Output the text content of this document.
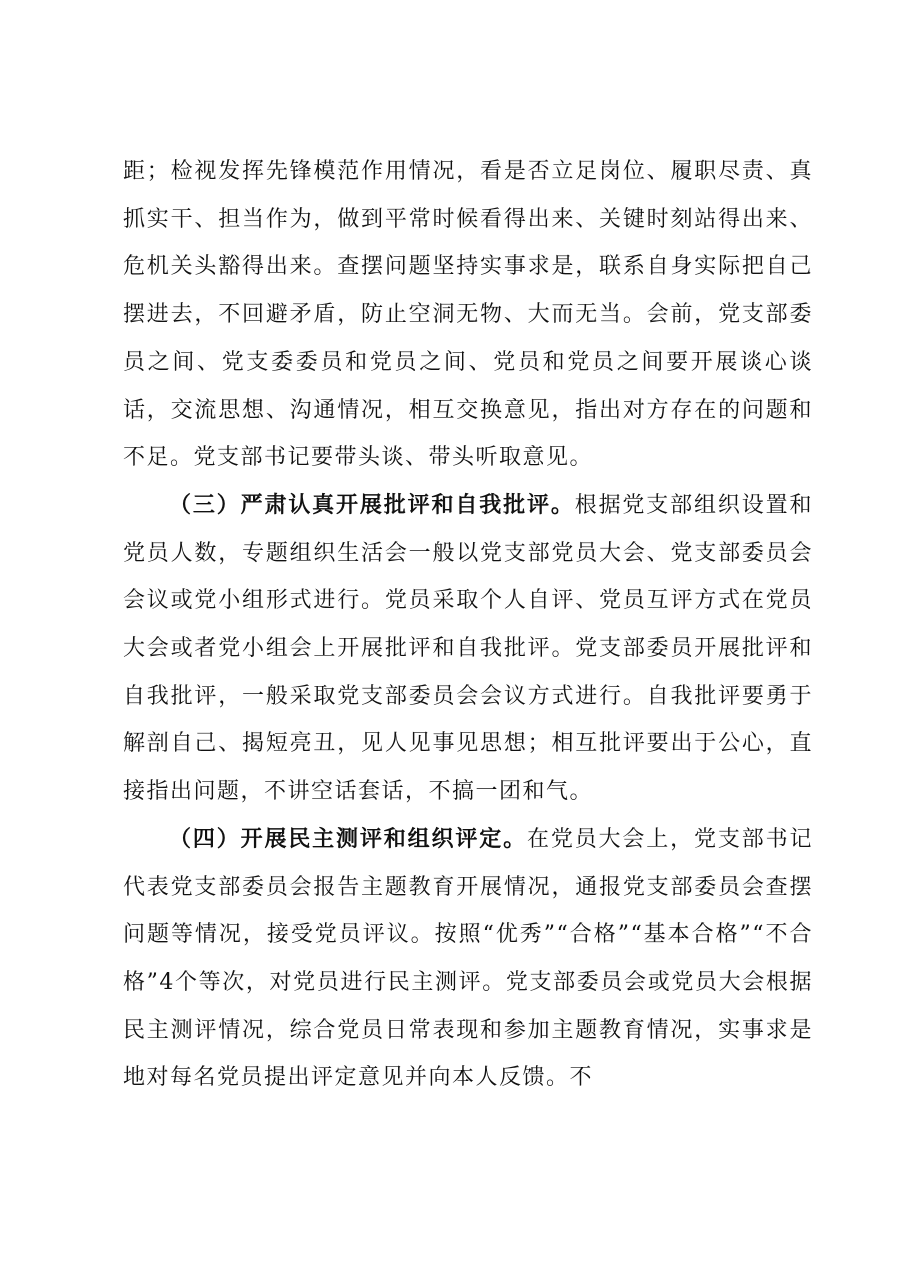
距；检视发挥先锋模范作用情况，看是否立足岗位、履职尽责、真抓实干、担当作为，做到平常时候看得出来、关键时刻站得出来、危机关头豁得出来。查摆问题坚持实事求是，联系自身实际把自己摆进去，不回避矛盾，防止空洞无物、大而无当。会前，党支部委员之间、党支委委员和党员之间、党员和党员之间要开展谈心谈话，交流思想、沟通情况，相互交换意见，指出对方存在的问题和不足。党支部书记要带头谈、带头听取意见。

（三）严肃认真开展批评和自我批评。根据党支部组织设置和党员人数，专题组织生活会一般以党支部党员大会、党支部委员会会议或党小组形式进行。党员采取个人自评、党员互评方式在党员大会或者党小组会上开展批评和自我批评。党支部委员开展批评和自我批评，一般采取党支部委员会会议方式进行。自我批评要勇于解剖自己、揭短亮丑，见人见事见思想；相互批评要出于公心，直接指出问题，不讲空话套话，不搞一团和气。

（四）开展民主测评和组织评定。在党员大会上，党支部书记代表党支部委员会报告主题教育开展情况，通报党支部委员会查摆问题等情况，接受党员评议。按照“优秀”“合格”“基本合格”“不合格”4个等次，对党员进行民主测评。党支部委员会或党员大会根据民主测评情况，综合党员日常表现和参加主题教育情况，实事求是地对每名党员提出评定意见并向本人反馈。不
